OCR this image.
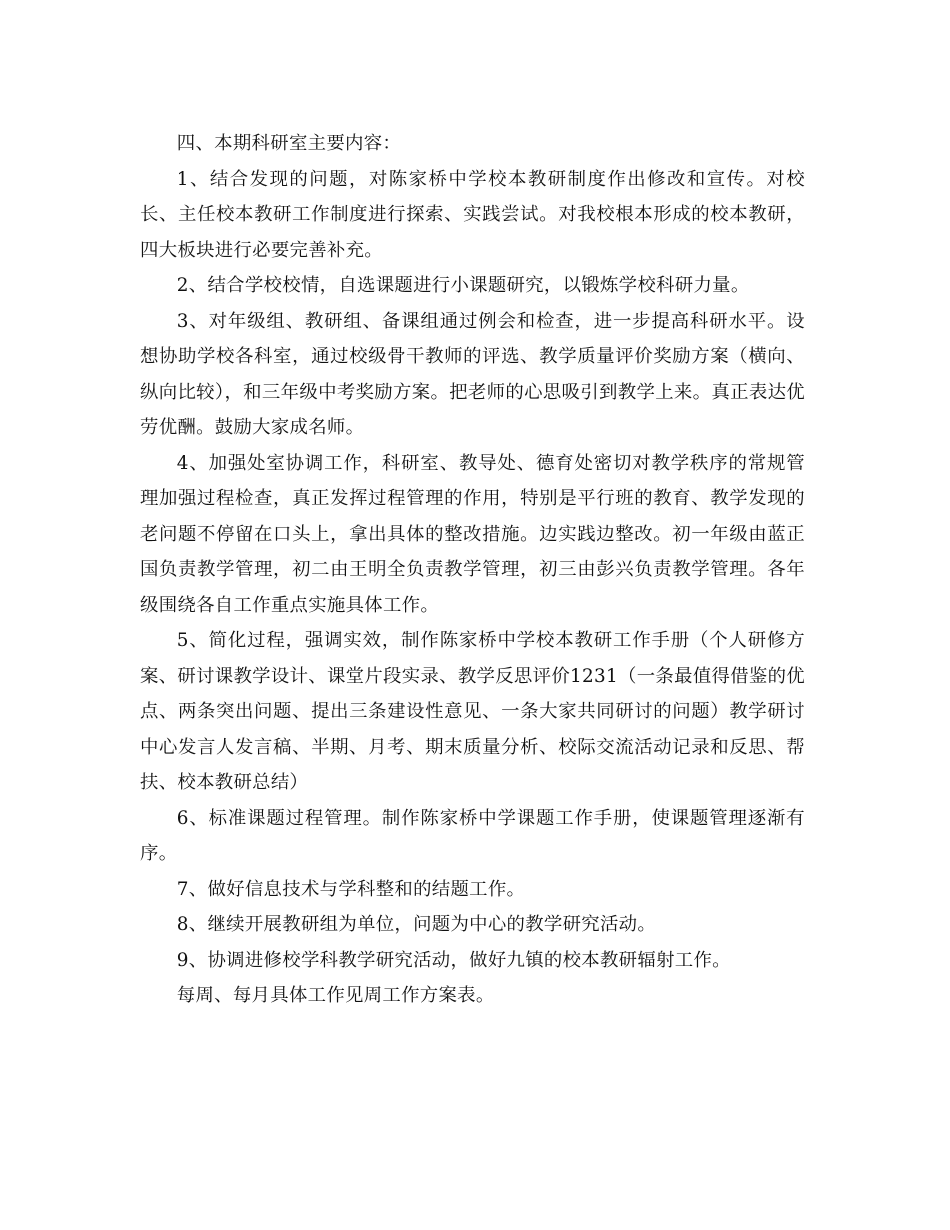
四、本期科研室主要内容：

1、结合发现的问题，对陈家桥中学校本教研制度作出修改和宣传。对校长、主任校本教研工作制度进行探索、实践尝试。对我校根本形成的校本教研，四大板块进行必要完善补充。

2、结合学校校情，自选课题进行小课题研究，以锻炼学校科研力量。

3、对年级组、教研组、备课组通过例会和检查，进一步提高科研水平。设想协助学校各科室，通过校级骨干教师的评选、教学质量评价奖励方案（横向、纵向比较），和三年级中考奖励方案。把老师的心思吸引到教学上来。真正表达优劳优酬。鼓励大家成名师。

4、加强处室协调工作，科研室、教导处、德育处密切对教学秩序的常规管理加强过程检查，真正发挥过程管理的作用，特别是平行班的教育、教学发现的老问题不停留在口头上，拿出具体的整改措施。边实践边整改。初一年级由蓝正国负责教学管理，初二由王明全负责教学管理，初三由彭兴负责教学管理。各年级围绕各自工作重点实施具体工作。

5、简化过程，强调实效，制作陈家桥中学校本教研工作手册（个人研修方案、研讨课教学设计、课堂片段实录、教学反思评价1231（一条最值得借鉴的优点、两条突出问题、提出三条建设性意见、一条大家共同研讨的问题）教学研讨中心发言人发言稿、半期、月考、期末质量分析、校际交流活动记录和反思、帮扶、校本教研总结）

6、标准课题过程管理。制作陈家桥中学课题工作手册，使课题管理逐渐有序。

7、做好信息技术与学科整和的结题工作。

8、继续开展教研组为单位，问题为中心的教学研究活动。

9、协调进修校学科教学研究活动，做好九镇的校本教研辐射工作。

每周、每月具体工作见周工作方案表。
